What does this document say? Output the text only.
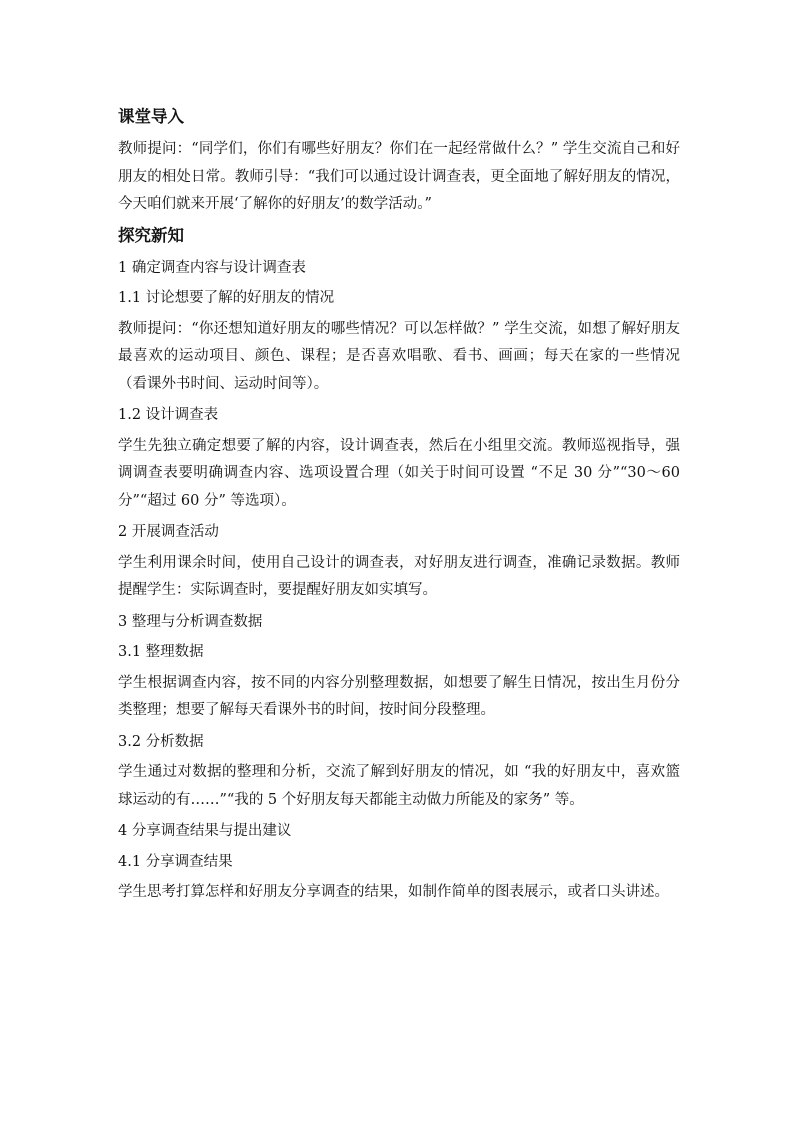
课堂导入
教师提问：“同学们，你们有哪些好朋友？你们在一起经常做什么？” 学生交流自己和好朋友的相处日常。教师引导：“我们可以通过设计调查表，更全面地了解好朋友的情况，今天咱们就来开展‘了解你的好朋友’的数学活动。”
探究新知
1 确定调查内容与设计调查表
1.1 讨论想要了解的好朋友的情况
教师提问：“你还想知道好朋友的哪些情况？可以怎样做？” 学生交流，如想了解好朋友最喜欢的运动项目、颜色、课程；是否喜欢唱歌、看书、画画；每天在家的一些情况（看课外书时间、运动时间等）。
1.2 设计调查表
学生先独立确定想要了解的内容，设计调查表，然后在小组里交流。教师巡视指导，强调调查表要明确调查内容、选项设置合理（如关于时间可设置 “不足 30 分”“30～60 分”“超过 60 分” 等选项）。
2 开展调查活动
学生利用课余时间，使用自己设计的调查表，对好朋友进行调查，准确记录数据。教师提醒学生：实际调查时，要提醒好朋友如实填写。
3 整理与分析调查数据
3.1 整理数据
学生根据调查内容，按不同的内容分别整理数据，如想要了解生日情况，按出生月份分类整理；想要了解每天看课外书的时间，按时间分段整理。
3.2 分析数据
学生通过对数据的整理和分析，交流了解到好朋友的情况，如 “我的好朋友中，喜欢篮球运动的有……”“我的 5 个好朋友每天都能主动做力所能及的家务” 等。
4 分享调查结果与提出建议
4.1 分享调查结果
学生思考打算怎样和好朋友分享调查的结果，如制作简单的图表展示，或者口头讲述。
